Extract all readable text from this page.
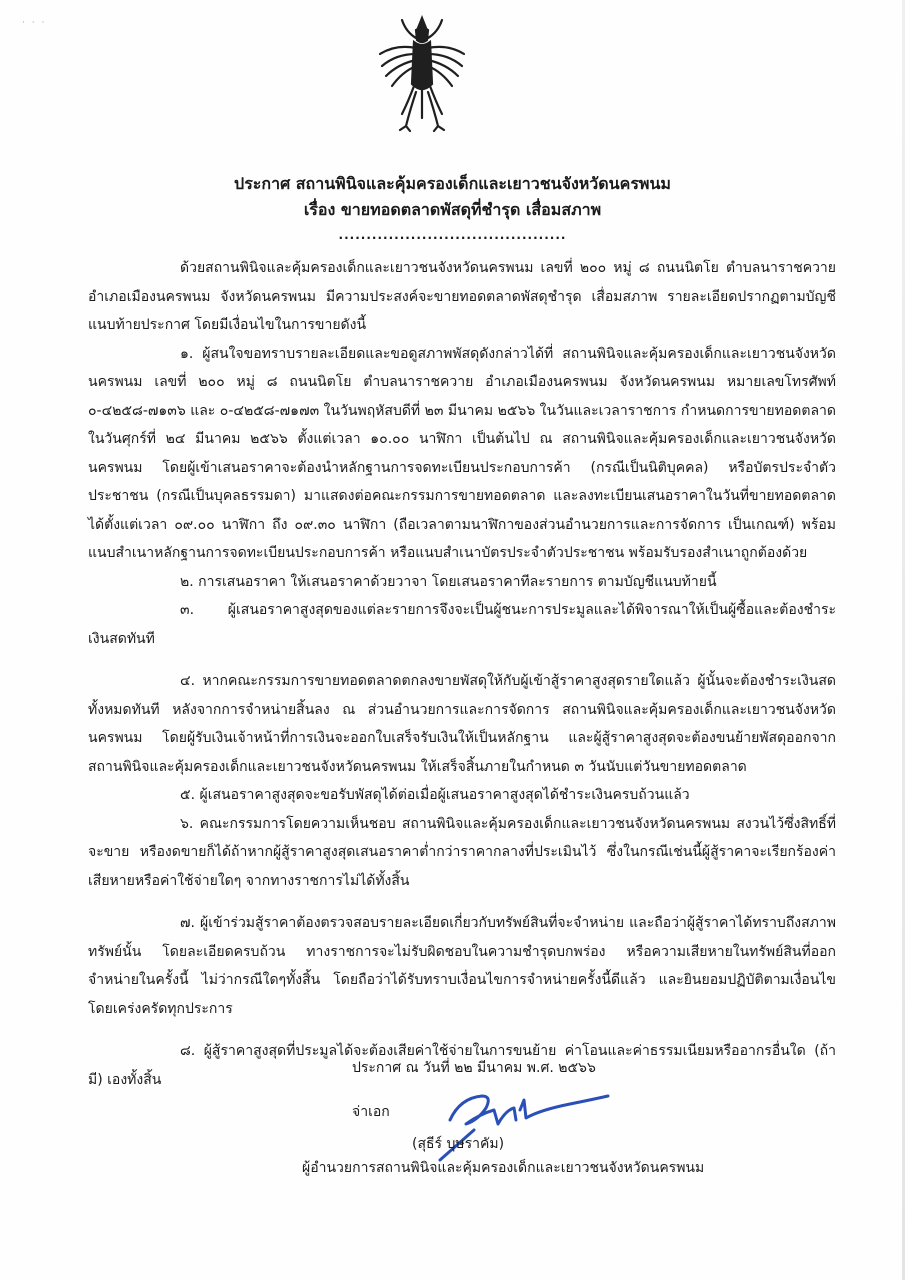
· · ·
ประกาศ สถานพินิจและคุ้มครองเด็กและเยาวชนจังหวัดนครพนม
เรื่อง ขายทอดตลาดพัสดุที่ชำรุด เสื่อมสภาพ
.........................................

ด้วยสถานพินิจและคุ้มครองเด็กและเยาวชนจังหวัดนครพนม เลขที่ ๒๐๐ หมู่ ๘ ถนนนิตโย ตำบลนาราชควาย อำเภอเมืองนครพนม จังหวัดนครพนม มีความประสงค์จะขายทอดตลาดพัสดุชำรุด เสื่อมสภาพ รายละเอียดปรากฏตามบัญชีแนบท้ายประกาศ โดยมีเงื่อนไขในการขายดังนี้

๑. ผู้สนใจขอทราบรายละเอียดและขอดูสภาพพัสดุดังกล่าวได้ที่ สถานพินิจและคุ้มครองเด็กและเยาวชนจังหวัดนครพนม เลขที่ ๒๐๐ หมู่ ๘ ถนนนิตโย ตำบลนาราชควาย อำเภอเมืองนครพนม จังหวัดนครพนม หมายเลขโทรศัพท์ ๐-๔๒๕๘-๗๑๓๖ และ ๐-๔๒๕๘-๗๑๗๓ ในวันพฤหัสบดีที่ ๒๓ มีนาคม ๒๕๖๖ ในวันและเวลาราชการ กำหนดการขายทอดตลาดในวันศุกร์ที่ ๒๔ มีนาคม ๒๕๖๖ ตั้งแต่เวลา ๑๐.๐๐ นาฬิกา เป็นต้นไป ณ สถานพินิจและคุ้มครองเด็กและเยาวชนจังหวัดนครพนม โดยผู้เข้าเสนอราคาจะต้องนำหลักฐานการจดทะเบียนประกอบการค้า (กรณีเป็นนิติบุคคล) หรือบัตรประจำตัวประชาชน (กรณีเป็นบุคลธรรมดา) มาแสดงต่อคณะกรรมการขายทอดตลาด และลงทะเบียนเสนอราคาในวันที่ขายทอดตลาด ได้ตั้งแต่เวลา ๐๙.๐๐ นาฬิกา ถึง ๐๙.๓๐ นาฬิกา (ถือเวลาตามนาฬิกาของส่วนอำนวยการและการจัดการ เป็นเกณฑ์) พร้อมแนบสำเนาหลักฐานการจดทะเบียนประกอบการค้า หรือแนบสำเนาบัตรประจำตัวประชาชน พร้อมรับรองสำเนาถูกต้องด้วย

๒. การเสนอราคา ให้เสนอราคาด้วยวาจา โดยเสนอราคาทีละรายการ ตามบัญชีแนบท้ายนี้

๓. ผู้เสนอราคาสูงสุดของแต่ละรายการจึงจะเป็นผู้ชนะการประมูลและได้พิจารณาให้เป็นผู้ซื้อและต้องชำระเงินสดทันที

๔. หากคณะกรรมการขายทอดตลาดตกลงขายพัสดุให้กับผู้เข้าสู้ราคาสูงสุดรายใดแล้ว ผู้นั้นจะต้องชำระเงินสดทั้งหมดทันที หลังจากการจำหน่ายสิ้นลง ณ ส่วนอำนวยการและการจัดการ สถานพินิจและคุ้มครองเด็กและเยาวชนจังหวัดนครพนม โดยผู้รับเงินเจ้าหน้าที่การเงินจะออกใบเสร็จรับเงินให้เป็นหลักฐาน และผู้สู้ราคาสูงสุดจะต้องขนย้ายพัสดุออกจากสถานพินิจและคุ้มครองเด็กและเยาวชนจังหวัดนครพนม ให้เสร็จสิ้นภายในกำหนด ๓ วันนับแต่วันขายทอดตลาด

๕. ผู้เสนอราคาสูงสุดจะขอรับพัสดุได้ต่อเมื่อผู้เสนอราคาสูงสุดได้ชำระเงินครบถ้วนแล้ว

๖. คณะกรรมการโดยความเห็นชอบ สถานพินิจและคุ้มครองเด็กและเยาวชนจังหวัดนครพนม สงวนไว้ซึ่งสิทธิ์ที่จะขาย หรืองดขายก็ได้ถ้าหากผู้สู้ราคาสูงสุดเสนอราคาต่ำกว่าราคากลางที่ประเมินไว้ ซึ่งในกรณีเช่นนี้ผู้สู้ราคาจะเรียกร้องค่าเสียหายหรือค่าใช้จ่ายใดๆ จากทางราชการไม่ได้ทั้งสิ้น

๗. ผู้เข้าร่วมสู้ราคาต้องตรวจสอบรายละเอียดเกี่ยวกับทรัพย์สินที่จะจำหน่าย และถือว่าผู้สู้ราคาได้ทราบถึงสภาพทรัพย์นั้น โดยละเอียดครบถ้วน ทางราชการจะไม่รับผิดชอบในความชำรุดบกพร่อง หรือความเสียหายในทรัพย์สินที่ออกจำหน่ายในครั้งนี้ ไม่ว่ากรณีใดๆทั้งสิ้น โดยถือว่าได้รับทราบเงื่อนไขการจำหน่ายครั้งนี้ดีแล้ว และยินยอมปฏิบัติตามเงื่อนไข โดยเคร่งครัดทุกประการ

๘. ผู้สู้ราคาสูงสุดที่ประมูลได้จะต้องเสียค่าใช้จ่ายในการขนย้าย ค่าโอนและค่าธรรมเนียมหรืออากรอื่นใด (ถ้ามี) เองทั้งสิ้น

ประกาศ ณ วันที่ ๒๒ มีนาคม พ.ศ. ๒๕๖๖
จ่าเอก
(สุธีร์ บุษราคัม)
ผู้อำนวยการสถานพินิจและคุ้มครองเด็กและเยาวชนจังหวัดนครพนม
